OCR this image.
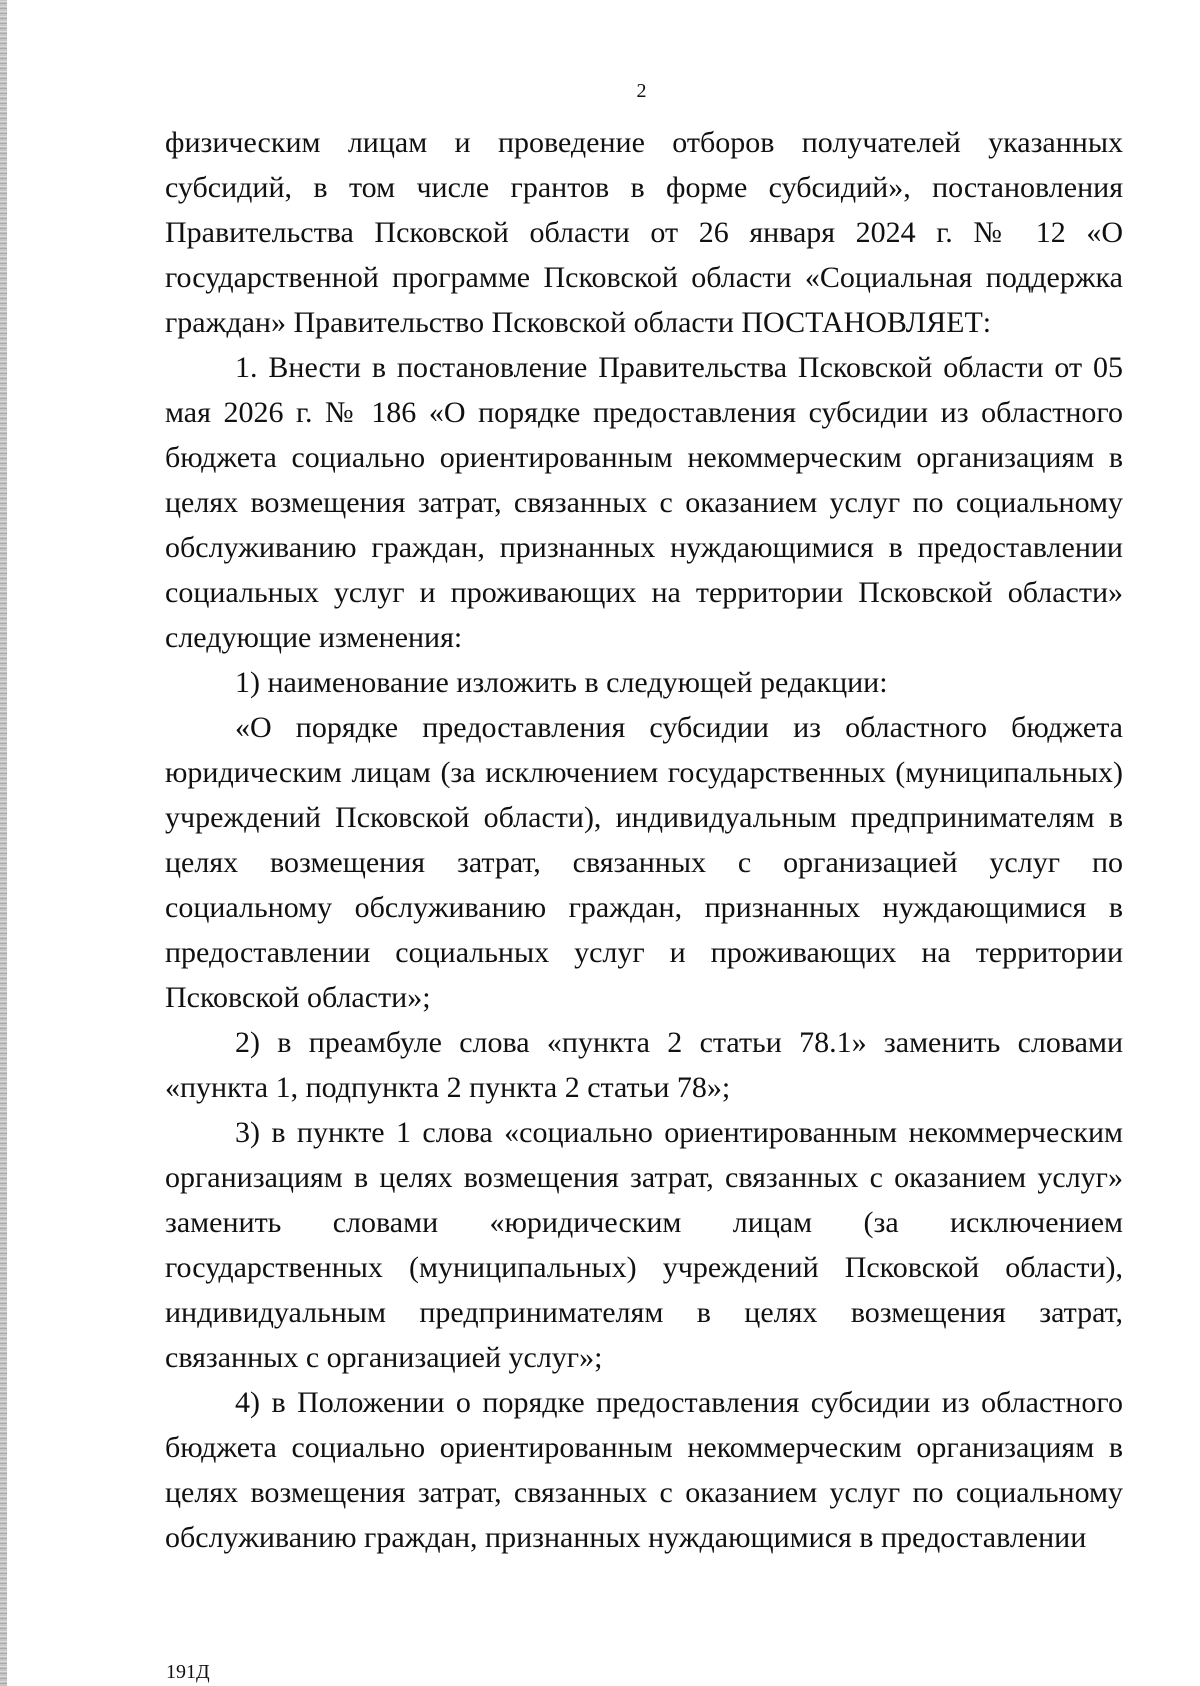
2

физическим лицам и проведение отборов получателей указанных субсидий, в том числе грантов в форме субсидий», постановления Правительства Псковской области от 26 января 2024 г. № 12 «О государственной программе Псковской области «Социальная поддержка граждан» Правительство Псковской области ПОСТАНОВЛЯЕТ:

1. Внести в постановление Правительства Псковской области от 05 мая 2026 г. № 186 «О порядке предоставления субсидии из областного бюджета социально ориентированным некоммерческим организациям в целях возмещения затрат, связанных с оказанием услуг по социальному обслуживанию граждан, признанных нуждающимися в предоставлении социальных услуг и проживающих на территории Псковской области» следующие изменения:

1) наименование изложить в следующей редакции:

«О порядке предоставления субсидии из областного бюджета юридическим лицам (за исключением государственных (муниципальных) учреждений Псковской области), индивидуальным предпринимателям в целях возмещения затрат, связанных с организацией услуг по социальному обслуживанию граждан, признанных нуждающимися в предоставлении социальных услуг и проживающих на территории Псковской области»;

2) в преамбуле слова «пункта 2 статьи 78.1» заменить словами «пункта 1, подпункта 2 пункта 2 статьи 78»;

3) в пункте 1 слова «социально ориентированным некоммерческим организациям в целях возмещения затрат, связанных с оказанием услуг» заменить словами «юридическим лицам (за исключением государственных (муниципальных) учреждений Псковской области), индивидуальным предпринимателям в целях возмещения затрат, связанных с организацией услуг»;

4) в Положении о порядке предоставления субсидии из областного бюджета социально ориентированным некоммерческим организациям в целях возмещения затрат, связанных с оказанием услуг по социальному обслуживанию граждан, признанных нуждающимися в предоставлении

191Д
